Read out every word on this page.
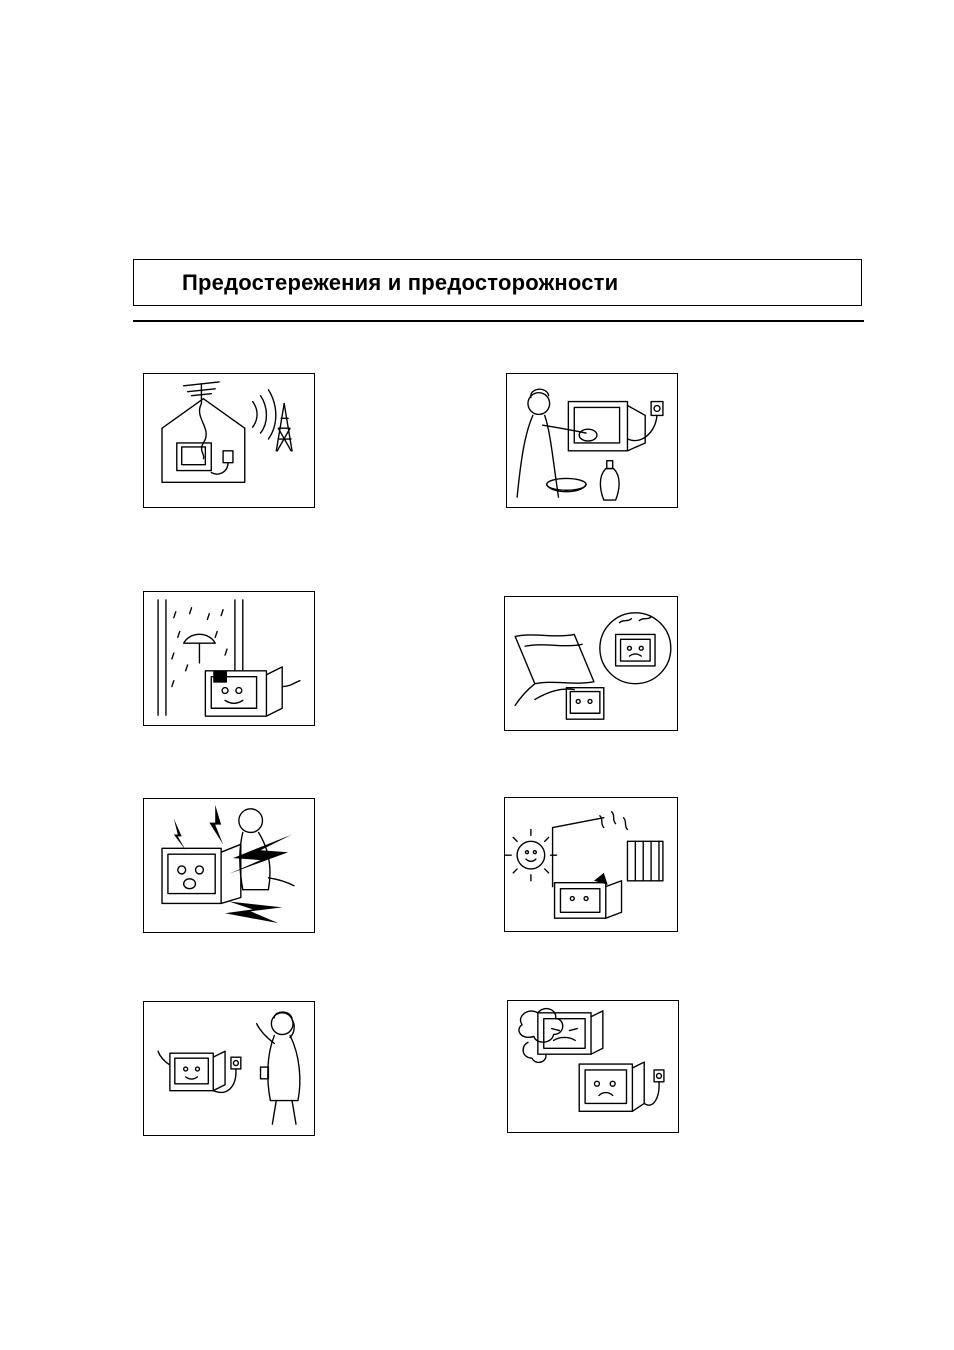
Предостережения и предосторожности
